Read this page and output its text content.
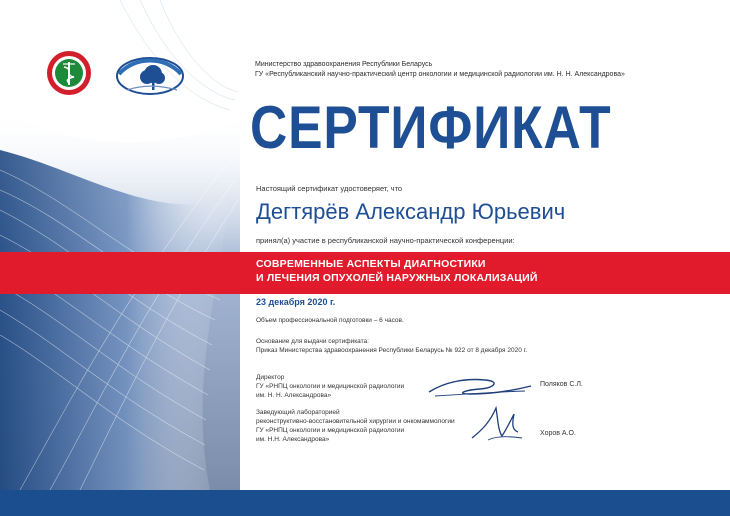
Министерство здравоохранения Республики Беларусь
ГУ «Республиканский научно-практический центр онкологии и медицинской радиологии им. Н. Н. Александрова»
СЕРТИФИКАТ
Настоящий сертификат удостоверяет, что
Дегтярёв Александр Юрьевич
принял(а) участие в республиканской научно-практической конференции:
СОВРЕМЕННЫЕ АСПЕКТЫ ДИАГНОСТИКИ
И ЛЕЧЕНИЯ ОПУХОЛЕЙ НАРУЖНЫХ ЛОКАЛИЗАЦИЙ
23 декабря 2020 г.
Объем профессиональной подготовки – 6 часов.
Основание для выдачи сертификата:
Приказ Министерства здравоохранения Республики Беларусь № 922 от 8 декабря 2020 г.
Директор
ГУ «РНПЦ онкологии и медицинской радиологии
им. Н. Н. Александрова»
Поляков С.Л.
Заведующий лабораторией
реконструктивно-восстановительной хирургии и онкомаммологии
ГУ «РНПЦ онкологии и медицинской радиологии
им. Н.Н. Александрова»
Хоров А.О.
